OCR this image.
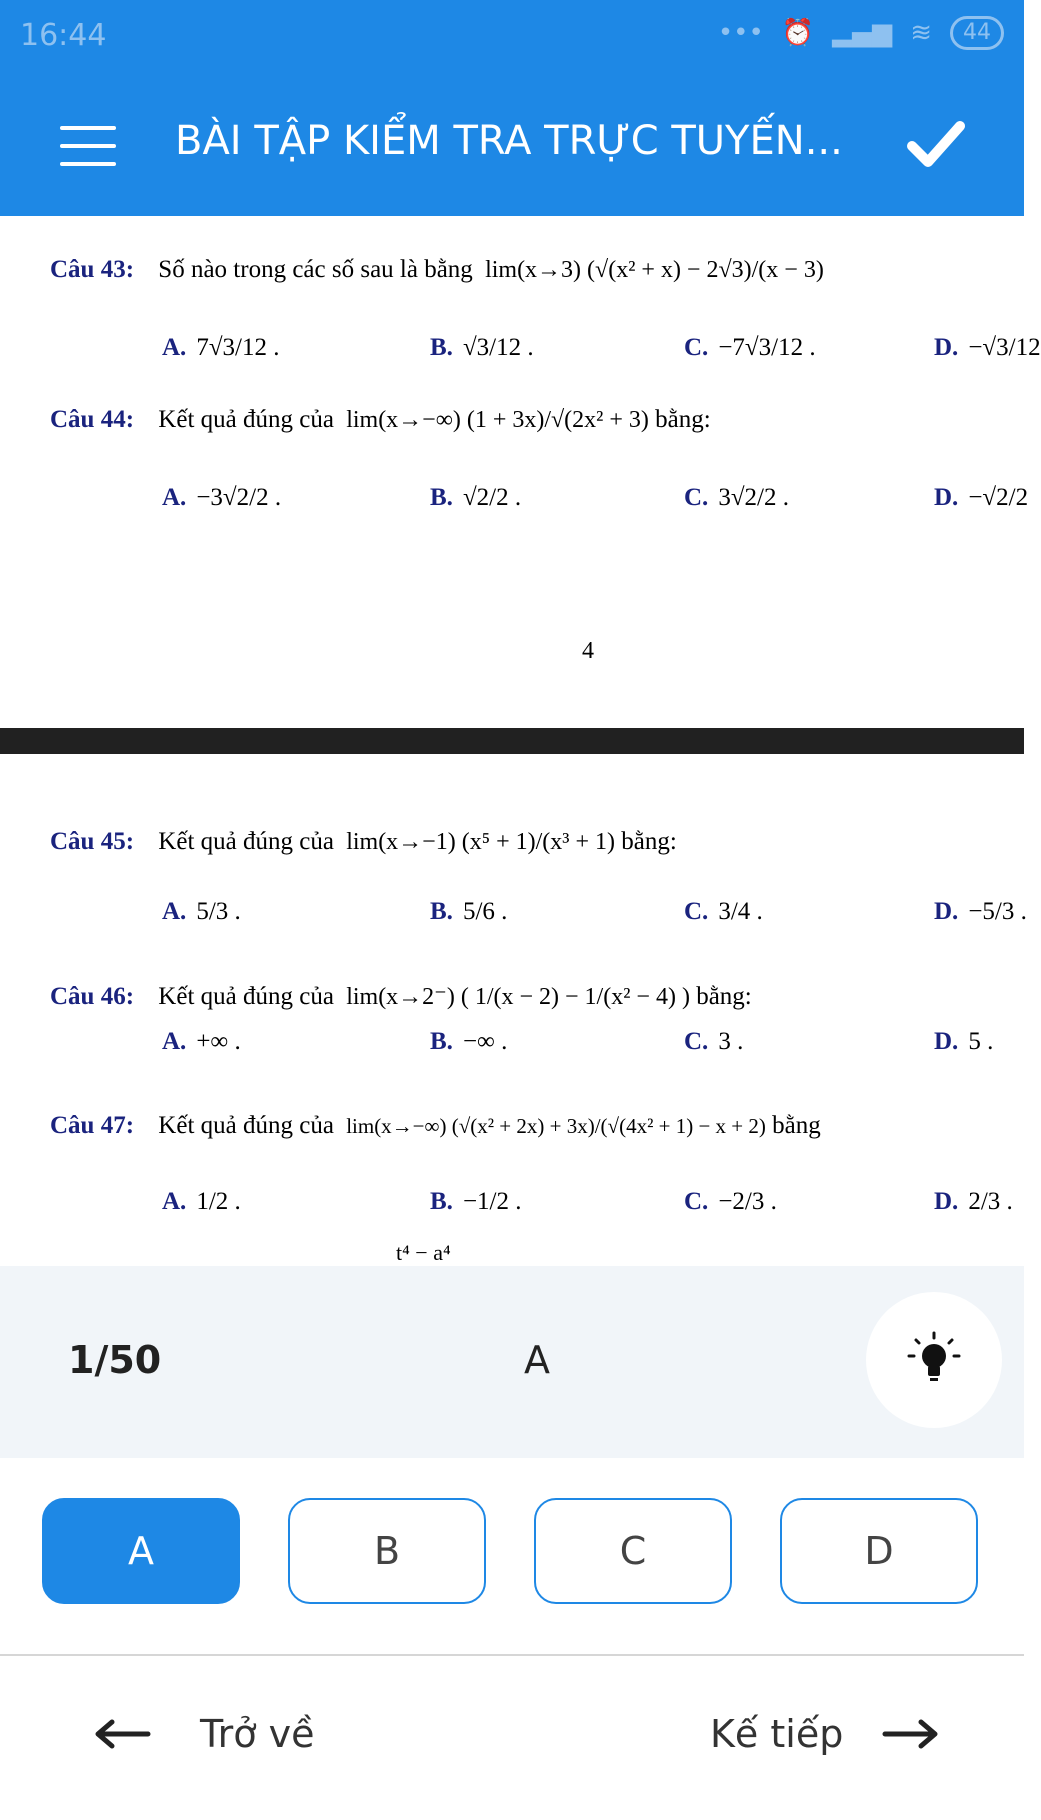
16:44	••• ⏰ ▂▄▆ ≋	44
BÀI TẬP KIỂM TRA TRỰC TUYẾN...
Câu 43: Số nào trong các số sau là bằng lim(x→3) (√(x² + x) − 2√3)/(x − 3)
A. 7√3/12 .	B. √3/12 .	C. −7√3/12 .	D. −√3/12
Câu 44: Kết quả đúng của lim(x→−∞) (1 + 3x)/√(2x² + 3) bằng:
A. −3√2/2 .	B. √2/2 .	C. 3√2/2 .	D. −√2/2
4
Câu 45: Kết quả đúng của lim(x→−1) (x⁵ + 1)/(x³ + 1) bằng:
A. 5/3 .	B. 5/6 .	C. 3/4 .	D. −5/3 .
Câu 46: Kết quả đúng của lim(x→2⁻) ( 1/(x − 2) − 1/(x² − 4) ) bằng:
A. +∞ .	B. −∞ .	C. 3 .	D. 5 .
Câu 47: Kết quả đúng của lim(x→−∞) (√(x² + 2x) + 3x)/(√(4x² + 1) − x + 2) bằng
A. 1/2 .	B. −1/2 .	C. −2/3 .	D. 2/3 .
t⁴ − a⁴
1/50	A
A	B	C	D
Trở về	Kế tiếp
